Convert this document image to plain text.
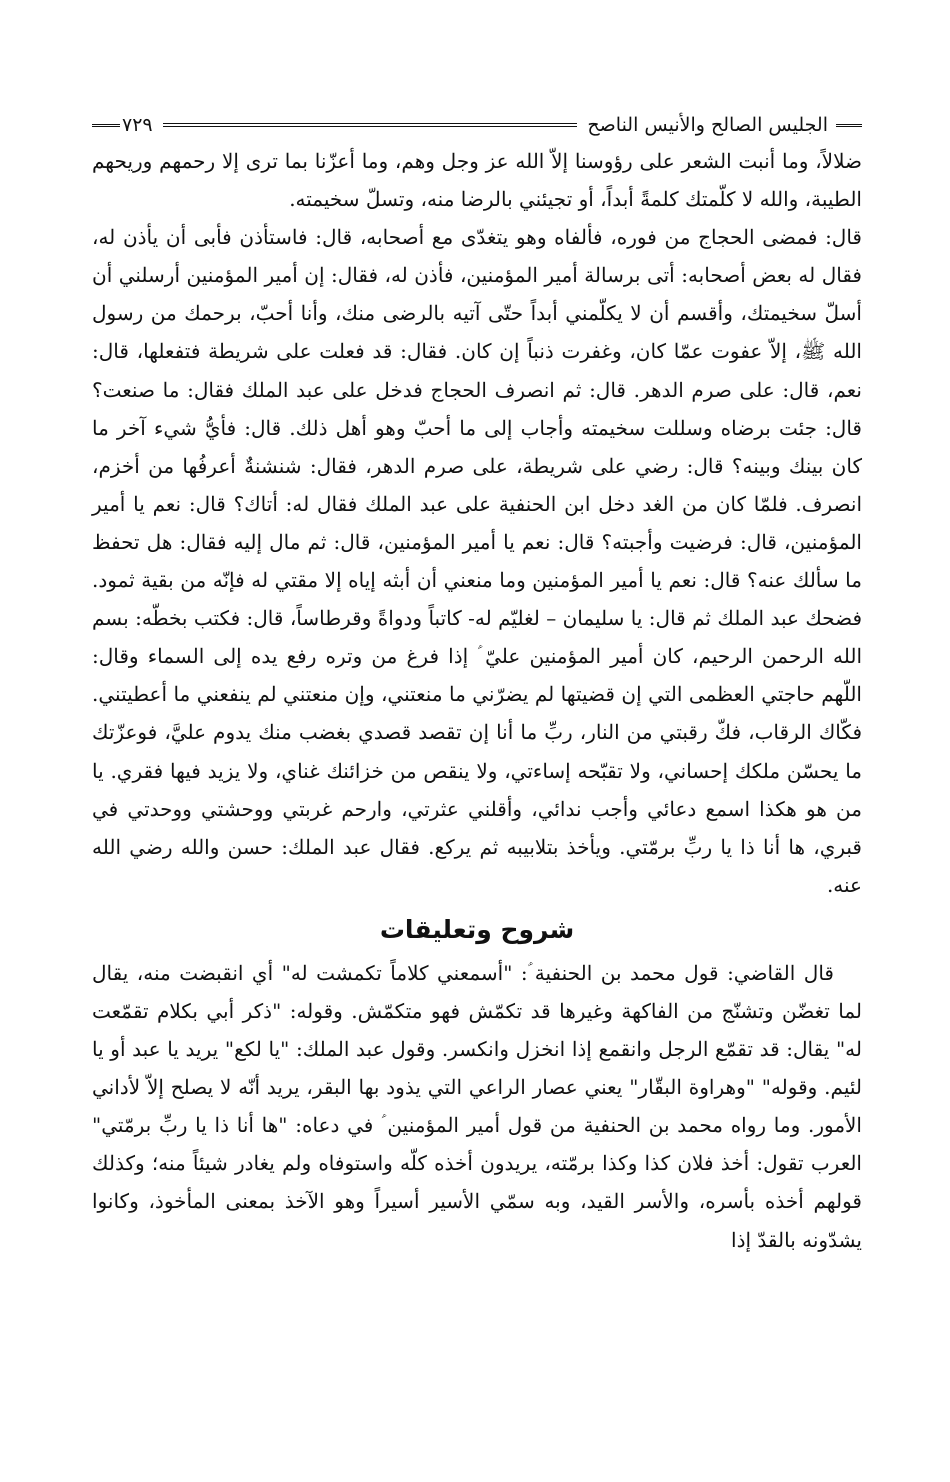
الجليس الصالح والأنيس الناصح
٧٢٩

ضلالاً، وما أنبت الشعر على رؤوسنا إلاّ الله عز وجل وهم، وما أعزّنا بما ترى إلا رحمهم وريحهم الطيبة، والله لا كلّمتك كلمةً أبداً، أو تجيئني بالرضا منه، وتسلّ سخيمته.

قال: فمضى الحجاج من فوره، فألفاه وهو يتغدّى مع أصحابه، قال: فاستأذن فأبى أن يأذن له، فقال له بعض أصحابه: أتى برسالة أمير المؤمنين، فأذن له، فقال: إن أمير المؤمنين أرسلني أن أسلّ سخيمتك، وأقسم أن لا يكلّمني أبداً حتّى آتيه بالرضى منك، وأنا أحبّ، برحمك من رسول الله ﷺ، إلاّ عفوت عمّا كان، وغفرت ذنباً إن كان. فقال: قد فعلت على شريطة فتفعلها، قال: نعم، قال: على صرم الدهر. قال: ثم انصرف الحجاج فدخل على عبد الملك فقال: ما صنعت؟ قال: جئت برضاه وسللت سخيمته وأجاب إلى ما أحبّ وهو أهل ذلك. قال: فأيُّ شيء آخر ما كان بينك وبينه؟ قال: رضي على شريطة، على صرم الدهر، فقال: شنشنةٌ أعرفُها من أخزم، انصرف. فلمّا كان من الغد دخل ابن الحنفية على عبد الملك فقال له: أتاك؟ قال: نعم يا أمير المؤمنين، قال: فرضيت وأجبته؟ قال: نعم يا أمير المؤمنين، قال: ثم مال إليه فقال: هل تحفظ ما سألك عنه؟ قال: نعم يا أمير المؤمنين وما منعني أن أبثه إياه إلا مقتي له فإنّه من بقية ثمود. فضحك عبد الملك ثم قال: يا سليمان – لغليّم له- كاتباً ودواةً وقرطاساً، قال: فكتب بخطّه: بسم الله الرحمن الرحيم، كان أمير المؤمنين عليّ ؑ إذا فرغ من وتره رفع يده إلى السماء وقال: اللّهم حاجتي العظمى التي إن قضيتها لم يضرّني ما منعتني، وإن منعتني لم ينفعني ما أعطيتني. فكّاك الرقاب، فكّ رقبتي من النار، ربِّ ما أنا إن تقصد قصدي بغضب منك يدوم عليَّ، فوعزّتك ما يحسّن ملكك إحساني، ولا تقبّحه إساءتي، ولا ينقص من خزائنك غناي، ولا يزيد فيها فقري. يا من هو هكذا اسمع دعائي وأجب ندائي، وأقلني عثرتي، وارحم غربتي ووحشتي ووحدتي في قبري، ها أنا ذا يا ربِّ برمّتي. ويأخذ بتلابيبه ثم يركع. فقال عبد الملك: حسن والله رضي الله عنه.

شروح وتعليقات

قال القاضي: قول محمد بن الحنفية ؑ: "أسمعني كلاماً تكمشت له" أي انقبضت منه، يقال لما تغضّن وتشنّج من الفاكهة وغيرها قد تكمّش فهو متكمّش. وقوله: "ذكر أبي بكلام تقمّعت له" يقال: قد تقمّع الرجل وانقمع إذا انخزل وانكسر. وقول عبد الملك: "يا لكع" يريد يا عبد أو يا لئيم. وقوله" "وهراوة البقّار" يعني عصار الراعي التي يذود بها البقر، يريد أنّه لا يصلح إلاّ لأداني الأمور. وما رواه محمد بن الحنفية من قول أمير المؤمنين ؑ في دعاه: "ها أنا ذا يا ربِّ برمّتي" العرب تقول: أخذ فلان كذا وكذا برمّته، يريدون أخذه كلّه واستوفاه ولم يغادر شيئاً منه؛ وكذلك قولهم أخذه بأسره، والأسر القيد، وبه سمّي الأسير أسيراً وهو الآخذ بمعنى المأخوذ، وكانوا يشدّونه بالقدّ إذا
